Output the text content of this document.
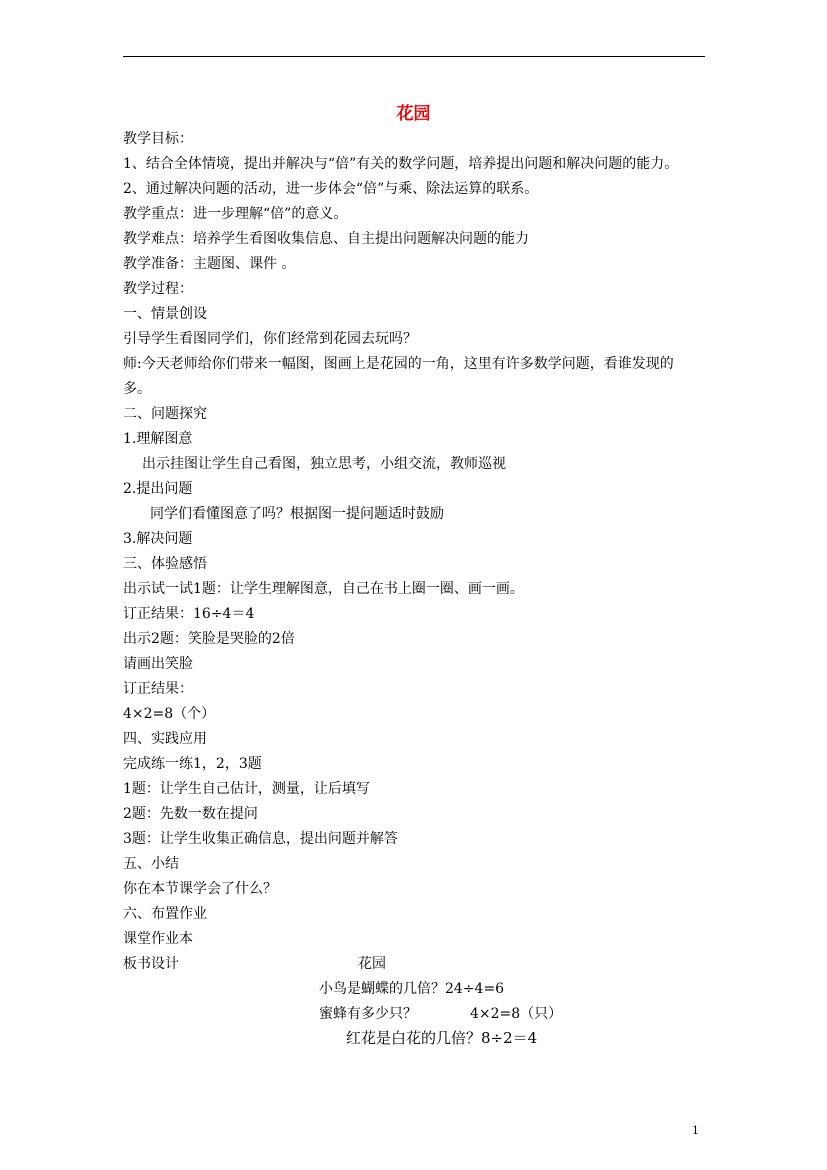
花园
教学目标：
1、结合全体情境，提出并解决与“倍”有关的数学问题，培养提出问题和解决问题的能力。
2、通过解决问题的活动，进一步体会“倍”与乘、除法运算的联系。
教学重点：进一步理解“倍”的意义。
教学难点：培养学生看图收集信息、自主提出问题解决问题的能力
教学准备：主题图、课件 。
教学过程：
一、情景创设
引导学生看图同学们，你们经常到花园去玩吗？
师:今天老师给你们带来一幅图，图画上是花园的一角，这里有许多数学问题，看谁发现的
多。
二、问题探究
1.理解图意
出示挂图让学生自己看图，独立思考，小组交流，教师巡视
2.提出问题
同学们看懂图意了吗？根据图一提问题适时鼓励
3.解决问题
三、体验感悟
出示试一试1题：让学生理解图意，自己在书上圈一圈、画一画。
订正结果：16÷4＝4
出示2题：笑脸是哭脸的2倍
请画出笑脸
订正结果：
4×2=8（个）
四、实践应用
完成练一练1，2，3题
1题：让学生自己估计，测量，让后填写
2题：先数一数在提问
3题：让学生收集正确信息，提出问题并解答
五、小结
你在本节课学会了什么？
六、布置作业
课堂作业本
板书设计	花园
小鸟是蝴蝶的几倍？24÷4=6
蜜蜂有多少只？	4×2=8（只）
红花是白花的几倍？8÷2＝4
1
